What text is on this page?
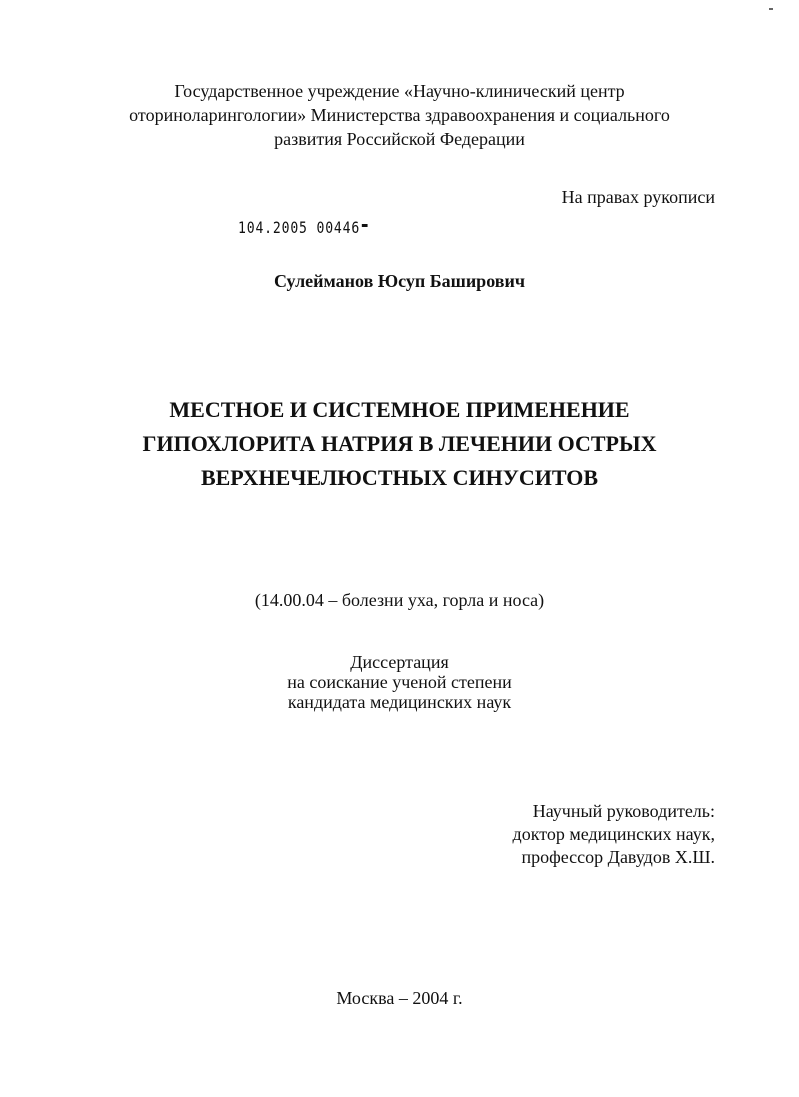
Государственное учреждение «Научно-клинический центр
оториноларингологии» Министерства здравоохранения и социального
развития Российской Федерации
На правах рукописи
104.2005 00446
Сулейманов Юсуп Баширович
МЕСТНОЕ И СИСТЕМНОЕ ПРИМЕНЕНИЕ
ГИПОХЛОРИТА НАТРИЯ В ЛЕЧЕНИИ ОСТРЫХ
ВЕРХНЕЧЕЛЮСТНЫХ СИНУСИТОВ
(14.00.04 – болезни уха, горла и носа)
Диссертация
на соискание ученой степени
кандидата медицинских наук
Научный руководитель:
доктор медицинских наук,
профессор Давудов Х.Ш.
Москва – 2004 г.
